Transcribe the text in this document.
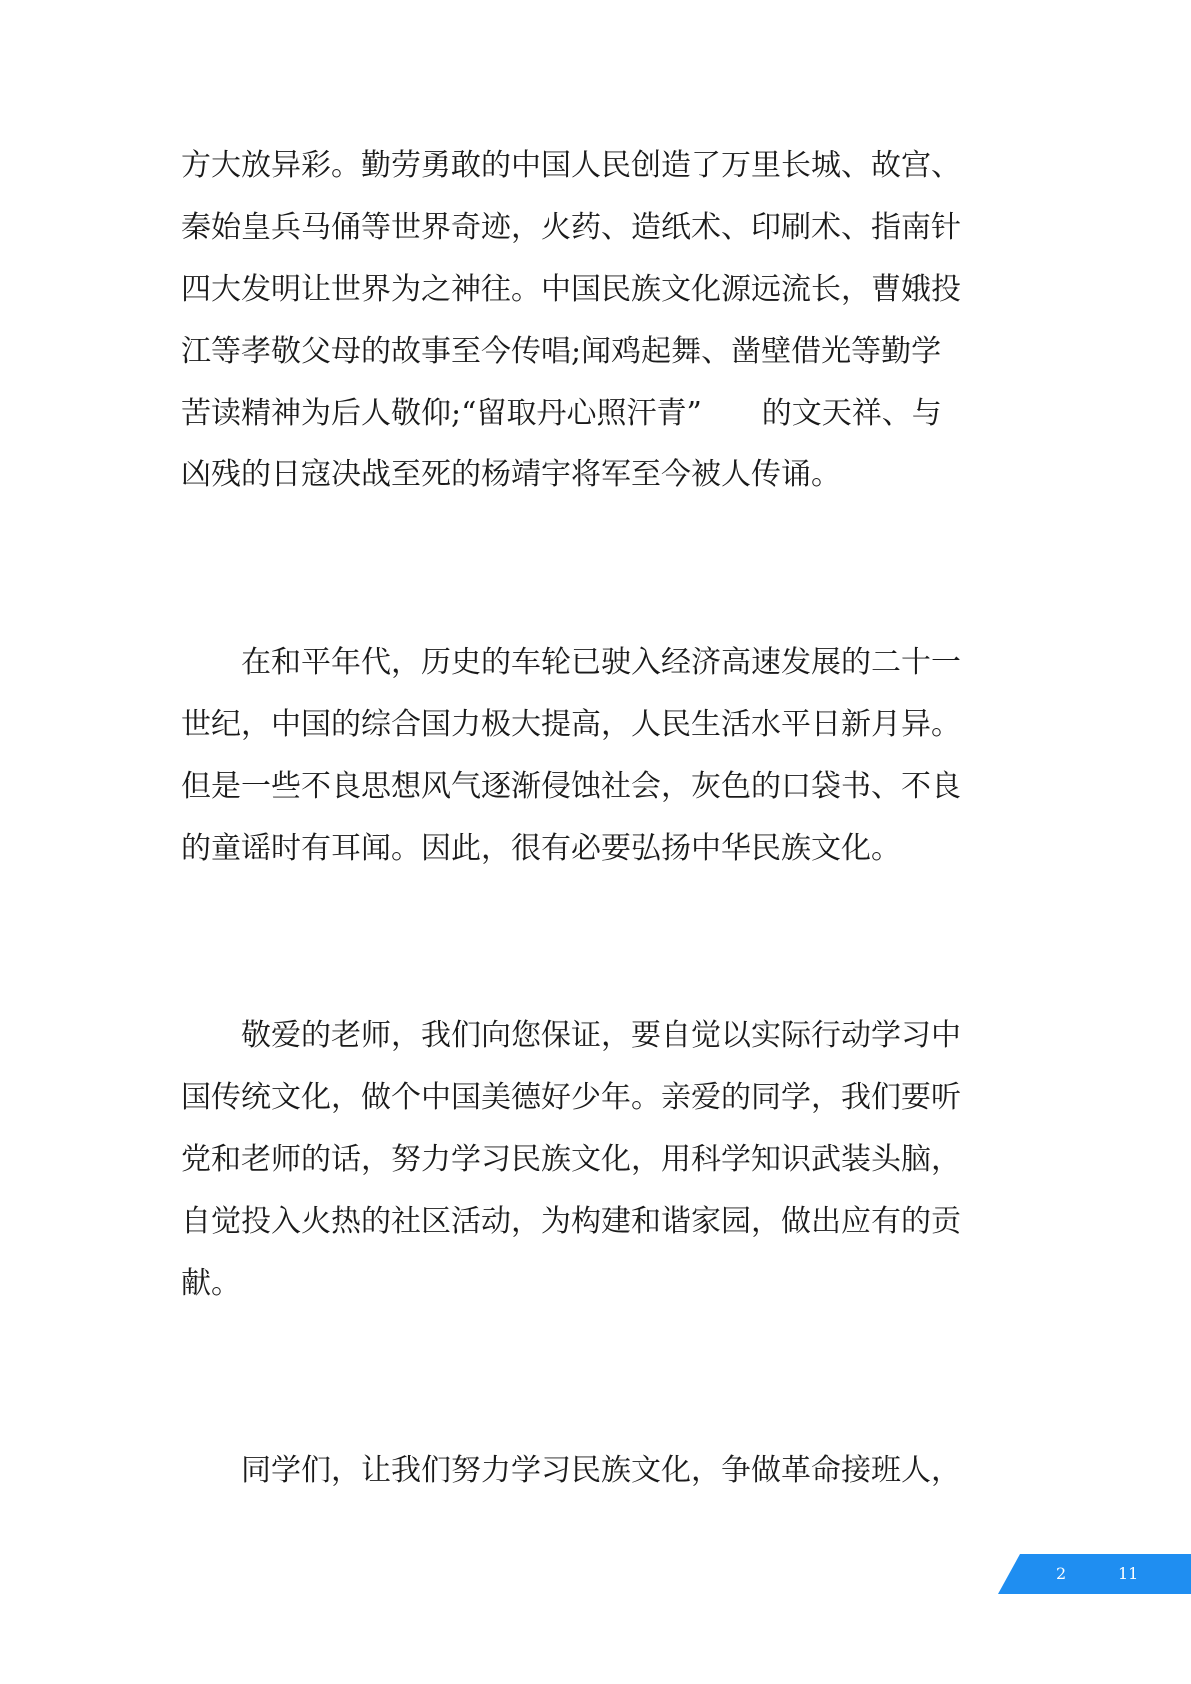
方大放异彩。勤劳勇敢的中国人民创造了万里长城、故宫、

秦始皇兵马俑等世界奇迹，火药、造纸术、印刷术、指南针

四大发明让世界为之神往。中国民族文化源远流长，曹娥投

江等孝敬父母的故事至今传唱;闻鸡起舞、凿壁借光等勤学

苦读精神为后人敬仰;“留取丹心照汗青”　　的文天祥、与

凶残的日寇决战至死的杨靖宇将军至今被人传诵。

　　在和平年代，历史的车轮已驶入经济高速发展的二十一

世纪，中国的综合国力极大提高，人民生活水平日新月异。

但是一些不良思想风气逐渐侵蚀社会，灰色的口袋书、不良

的童谣时有耳闻。因此，很有必要弘扬中华民族文化。

　　敬爱的老师，我们向您保证，要自觉以实际行动学习中

国传统文化，做个中国美德好少年。亲爱的同学，我们要听

党和老师的话，努力学习民族文化，用科学知识武装头脑，

自觉投入火热的社区活动，为构建和谐家园，做出应有的贡

献。

　　同学们，让我们努力学习民族文化，争做革命接班人，

2	11
